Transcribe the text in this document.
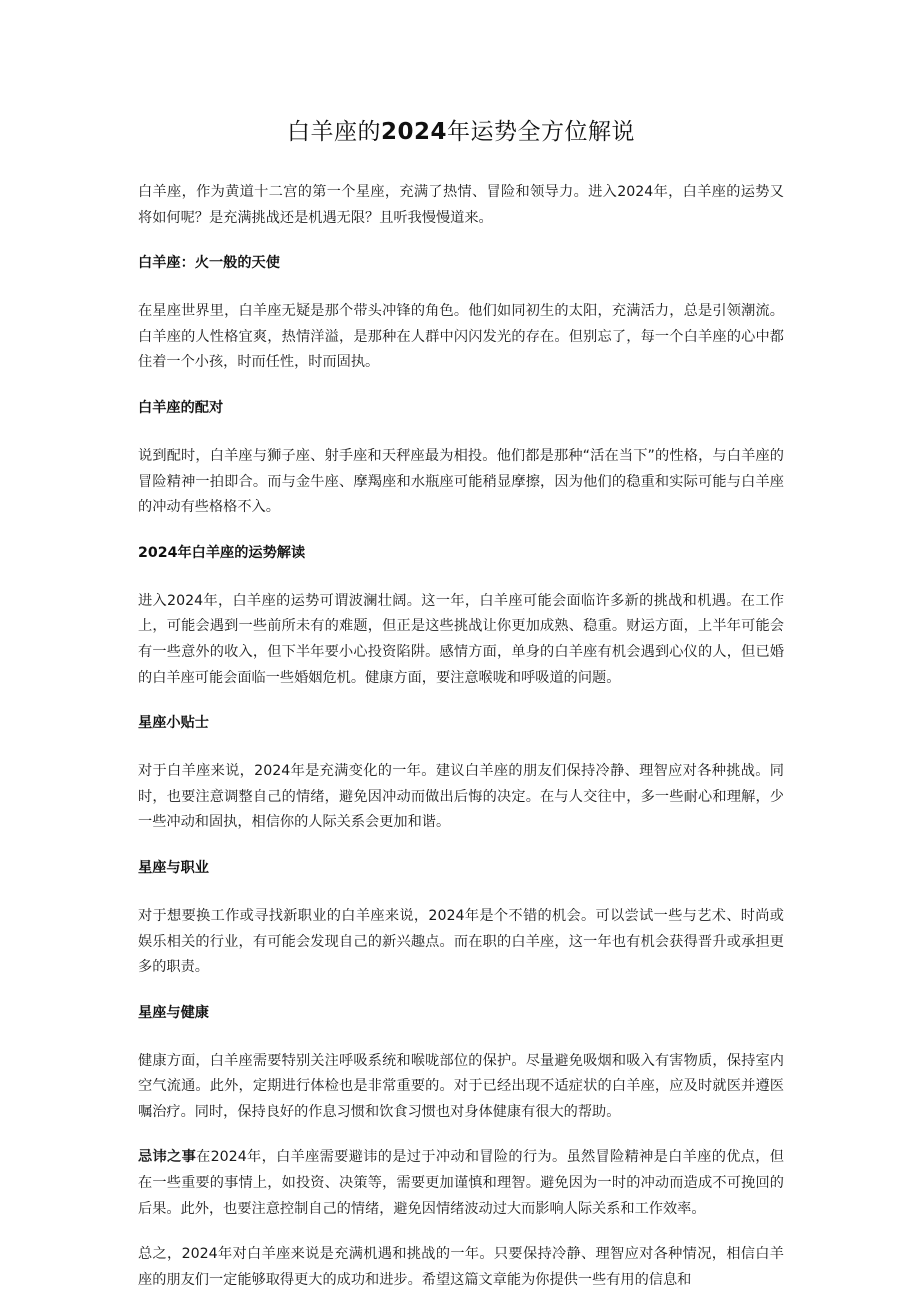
白羊座的2024年运势全方位解说

白羊座，作为黄道十二宫的第一个星座，充满了热情、冒险和领导力。进入2024年，白羊座的运势又将如何呢？是充满挑战还是机遇无限？且听我慢慢道来。

白羊座：火一般的天使

在星座世界里，白羊座无疑是那个带头冲锋的角色。他们如同初生的太阳，充满活力，总是引领潮流。白羊座的人性格宜爽，热情洋溢，是那种在人群中闪闪发光的存在。但别忘了，每一个白羊座的心中都住着一个小孩，时而任性，时而固执。

白羊座的配对

说到配时，白羊座与狮子座、射手座和天秤座最为相投。他们都是那种“活在当下”的性格，与白羊座的冒险精神一拍即合。而与金牛座、摩羯座和水瓶座可能稍显摩擦，因为他们的稳重和实际可能与白羊座的冲动有些格格不入。

2024年白羊座的运势解读

进入2024年，白羊座的运势可谓波澜壮阔。这一年，白羊座可能会面临许多新的挑战和机遇。在工作上，可能会遇到一些前所未有的难题，但正是这些挑战让你更加成熟、稳重。财运方面，上半年可能会有一些意外的收入，但下半年要小心投资陷阱。感情方面，单身的白羊座有机会遇到心仪的人，但已婚的白羊座可能会面临一些婚姻危机。健康方面，要注意喉咙和呼吸道的问题。

星座小贴士

对于白羊座来说，2024年是充满变化的一年。建议白羊座的朋友们保持冷静、理智应对各种挑战。同时，也要注意调整自己的情绪，避免因冲动而做出后悔的决定。在与人交往中，多一些耐心和理解，少一些冲动和固执，相信你的人际关系会更加和谐。

星座与职业

对于想要换工作或寻找新职业的白羊座来说，2024年是个不错的机会。可以尝试一些与艺术、时尚或娱乐相关的行业，有可能会发现自己的新兴趣点。而在职的白羊座，这一年也有机会获得晋升或承担更多的职责。

星座与健康

健康方面，白羊座需要特别关注呼吸系统和喉咙部位的保护。尽量避免吸烟和吸入有害物质，保持室内空气流通。此外，定期进行体检也是非常重要的。对于已经出现不适症状的白羊座，应及时就医并遵医嘱治疗。同时，保持良好的作息习惯和饮食习惯也对身体健康有很大的帮助。

忌讳之事在2024年，白羊座需要避讳的是过于冲动和冒险的行为。虽然冒险精神是白羊座的优点，但在一些重要的事情上，如投资、决策等，需要更加谨慎和理智。避免因为一时的冲动而造成不可挽回的后果。此外，也要注意控制自己的情绪，避免因情绪波动过大而影响人际关系和工作效率。

总之，2024年对白羊座来说是充满机遇和挑战的一年。只要保持冷静、理智应对各种情况，相信白羊座的朋友们一定能够取得更大的成功和进步。希望这篇文章能为你提供一些有用的信息和
